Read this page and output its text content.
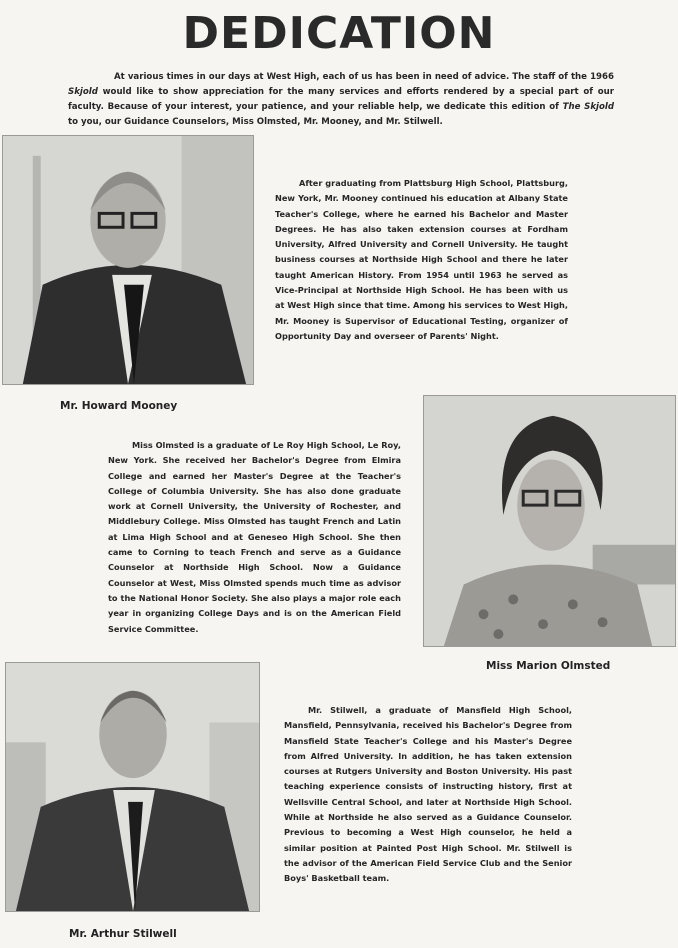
DEDICATION

At various times in our days at West High, each of us has been in need of advice. The staff of the 1966 Skjold would like to show appreciation for the many services and efforts rendered by a special part of our faculty. Because of your interest, your patience, and your reliable help, we dedicate this edition of The Skjold to you, our Guidance Counselors, Miss Olmsted, Mr. Mooney, and Mr. Stilwell.

After graduating from Plattsburg High School, Plattsburg, New York, Mr. Mooney continued his education at Albany State Teacher's College, where he earned his Bachelor and Master Degrees. He has also taken extension courses at Fordham University, Alfred University and Cornell University. He taught business courses at Northside High School and there he later taught American History. From 1954 until 1963 he served as Vice-Principal at Northside High School. He has been with us at West High since that time. Among his services to West High, Mr. Mooney is Supervisor of Educational Testing, organizer of Opportunity Day and overseer of Parents' Night.
Mr. Howard Mooney
Miss Olmsted is a graduate of Le Roy High School, Le Roy, New York. She received her Bachelor's Degree from Elmira College and earned her Master's Degree at the Teacher's College of Columbia University. She has also done graduate work at Cornell University, the University of Rochester, and Middlebury College. Miss Olmsted has taught French and Latin at Lima High School and at Geneseo High School. She then came to Corning to teach French and serve as a Guidance Counselor at Northside High School. Now a Guidance Counselor at West, Miss Olmsted spends much time as advisor to the National Honor Society. She also plays a major role each year in organizing College Days and is on the American Field Service Committee.
Miss Marion Olmsted
Mr. Stilwell, a graduate of Mansfield High School, Mansfield, Pennsylvania, received his Bachelor's Degree from Mansfield State Teacher's College and his Master's Degree from Alfred University. In addition, he has taken extension courses at Rutgers University and Boston University. His past teaching experience consists of instructing history, first at Wellsville Central School, and later at Northside High School. While at Northside he also served as a Guidance Counselor. Previous to becoming a West High counselor, he held a similar position at Painted Post High School. Mr. Stilwell is the advisor of the American Field Service Club and the Senior Boys' Basketball team.
Mr. Arthur Stilwell
